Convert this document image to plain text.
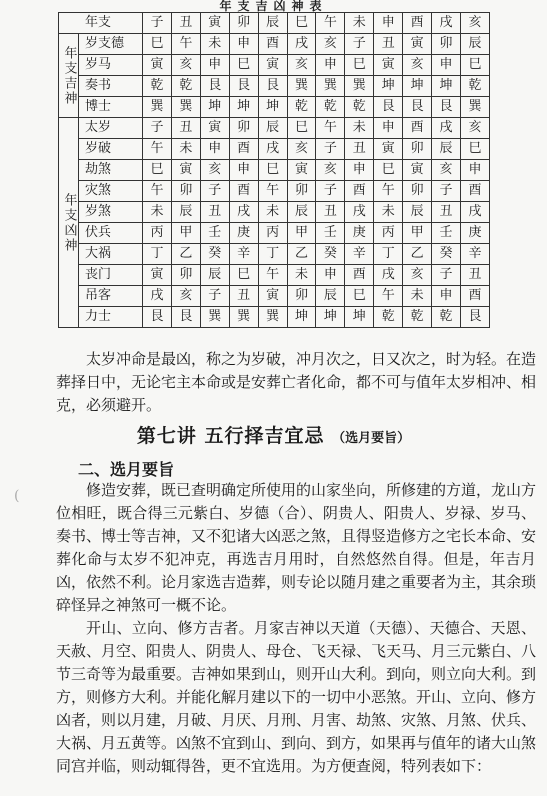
年支吉凶神表
年支		子	丑	寅	卯	辰	巳	午	未	申	酉	戌	亥
年支吉神	岁支德	巳	午	未	申	酉	戌	亥	子	丑	寅	卯	辰
	岁马	寅	亥	申	巳	寅	亥	申	巳	寅	亥	申	巳
	奏书	乾	乾	艮	艮	艮	巽	巽	巽	坤	坤	坤	乾
	博士	巽	巽	坤	坤	坤	乾	乾	乾	艮	艮	艮	巽
年支凶神	太岁	子	丑	寅	卯	辰	巳	午	未	申	酉	戌	亥
	岁破	午	未	申	酉	戌	亥	子	丑	寅	卯	辰	巳
	劫煞	巳	寅	亥	申	巳	寅	亥	申	巳	寅	亥	申
	灾煞	午	卯	子	酉	午	卯	子	酉	午	卯	子	酉
	岁煞	未	辰	丑	戌	未	辰	丑	戌	未	辰	丑	戌
	伏兵	丙	甲	壬	庚	丙	甲	壬	庚	丙	甲	壬	庚
	大祸	丁	乙	癸	辛	丁	乙	癸	辛	丁	乙	癸	辛
	丧门	寅	卯	辰	巳	午	未	申	酉	戌	亥	子	丑
	吊客	戌	亥	子	丑	寅	卯	辰	巳	午	未	申	酉
	力士	艮	艮	巽	巽	巽	坤	坤	坤	乾	乾	乾	艮
(

太岁冲命是最凶，称之为岁破，冲月次之，日又次之，时为轻。在造葬择日中，无论宅主本命或是安葬亡者化命，都不可与值年太岁相冲、相克，必须避开。

第七讲 五行择吉宜忌 （选月要旨）
二、选月要旨

修造安葬，既已查明确定所使用的山家坐向，所修建的方道，龙山方位相旺，既合得三元紫白、岁德（合）、阴贵人、阳贵人、岁禄、岁马、奏书、博士等吉神，又不犯诸大凶恶之煞，且得竖造修方之宅长本命、安葬化命与太岁不犯冲克，再选吉月用时，自然悠然自得。但是，年吉月凶，依然不利。论月家选吉造葬，则专论以随月建之重要者为主，其余琐碎怪异之神煞可一概不论。

开山、立向、修方吉者。月家吉神以天道（天德）、天德合、天恩、天赦、月空、阳贵人、阴贵人、母仓、飞天禄、飞天马、月三元紫白、八节三奇等为最重要。吉神如果到山，则开山大利。到向，则立向大利。到方，则修方大利。并能化解月建以下的一切中小恶煞。开山、立向、修方凶者，则以月建，月破、月厌、月刑、月害、劫煞、灾煞、月煞、伏兵、大祸、月五黄等。凶煞不宜到山、到向、到方，如果再与值年的诸大山煞同宫并临，则动辄得咎，更不宜选用。为方便查阅，特列表如下：
